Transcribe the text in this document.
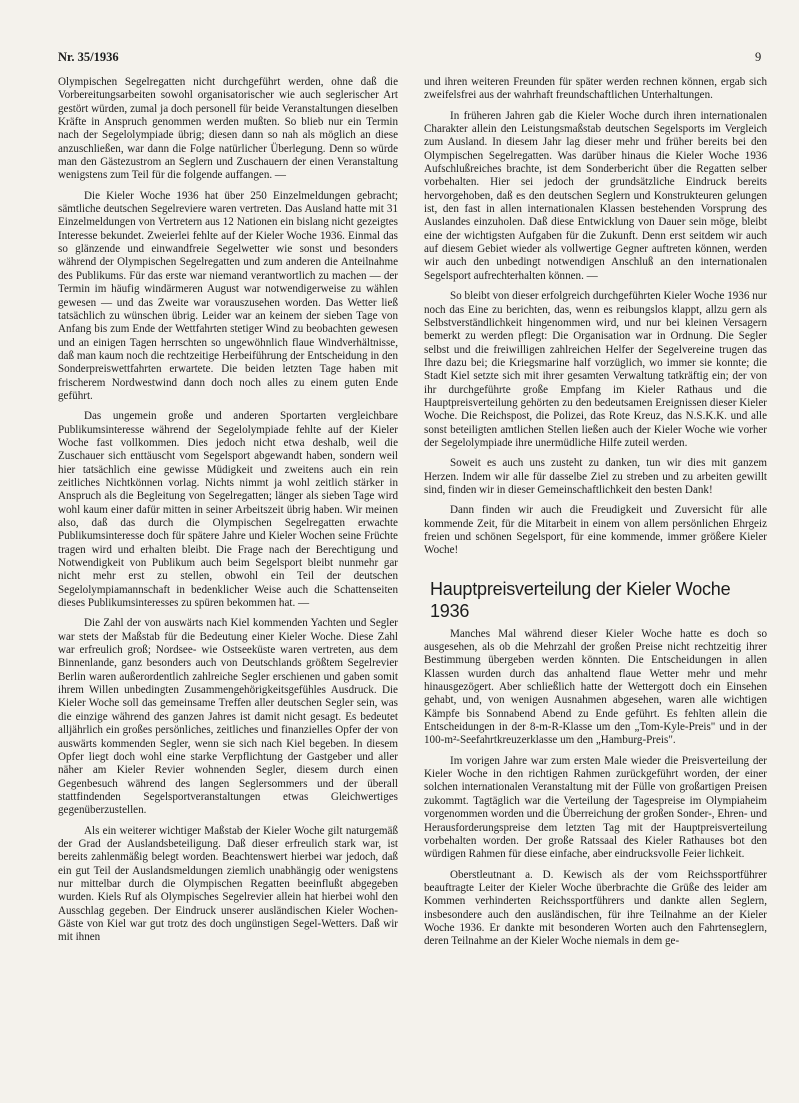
Nr. 35/1936	9

Olympischen Segelregatten nicht durchgeführt werden, ohne daß die Vorbereitungsarbeiten sowohl organisatorischer wie auch seglerischer Art gestört würden, zumal ja doch personell für beide Veranstaltungen dieselben Kräfte in Anspruch genommen werden mußten. So blieb nur ein Termin nach der Segelolympiade übrig; diesen dann so nah als möglich an diese anzuschließen, war dann die Folge natürlicher Überlegung. Denn so würde man den Gästezustrom an Seglern und Zuschauern der einen Veranstaltung wenigstens zum Teil für die folgende auffangen. —

Die Kieler Woche 1936 hat über 250 Einzelmeldungen gebracht; sämtliche deutschen Segelreviere waren vertreten. Das Ausland hatte mit 31 Einzelmeldungen von Vertretern aus 12 Nationen ein bislang nicht gezeigtes Interesse bekundet. Zweierlei fehlte auf der Kieler Woche 1936. Einmal das so glänzende und einwandfreie Segelwetter wie sonst und besonders während der Olympischen Segelregatten und zum anderen die Anteilnahme des Publikums. Für das erste war niemand verantwortlich zu machen — der Termin im häufig windärmeren August war notwendigerweise zu wählen gewesen — und das Zweite war vorauszusehen worden. Das Wetter ließ tatsächlich zu wünschen übrig. Leider war an keinem der sieben Tage von Anfang bis zum Ende der Wettfahrten stetiger Wind zu beobachten gewesen und an einigen Tagen herrschten so ungewöhnlich flaue Windverhältnisse, daß man kaum noch die rechtzeitige Herbeiführung der Entscheidung in den Sonderpreiswettfahrten erwartete. Die beiden letzten Tage haben mit frischerem Nordwestwind dann doch noch alles zu einem guten Ende geführt.

Das ungemein große und anderen Sportarten vergleichbare Publikumsinteresse während der Segelolympiade fehlte auf der Kieler Woche fast vollkommen. Dies jedoch nicht etwa deshalb, weil die Zuschauer sich enttäuscht vom Segelsport abgewandt haben, sondern weil hier tatsächlich eine gewisse Müdigkeit und zweitens auch ein rein zeitliches Nichtkönnen vorlag. Nichts nimmt ja wohl zeitlich stärker in Anspruch als die Begleitung von Segelregatten; länger als sieben Tage wird wohl kaum einer dafür mitten in seiner Arbeitszeit übrig haben. Wir meinen also, daß das durch die Olympischen Segelregatten erwachte Publikumsinteresse doch für spätere Jahre und Kieler Wochen seine Früchte tragen wird und erhalten bleibt. Die Frage nach der Berechtigung und Notwendigkeit von Publikum auch beim Segelsport bleibt nunmehr gar nicht mehr erst zu stellen, obwohl ein Teil der deutschen Segelolympiamannschaft in bedenklicher Weise auch die Schattenseiten dieses Publikumsinteresses zu spüren bekommen hat. —

Die Zahl der von auswärts nach Kiel kommenden Yachten und Segler war stets der Maßstab für die Bedeutung einer Kieler Woche. Diese Zahl war erfreulich groß; Nordsee- wie Ostseeküste waren vertreten, aus dem Binnenlande, ganz besonders auch von Deutschlands größtem Segelrevier Berlin waren außerordentlich zahlreiche Segler erschienen und gaben somit ihrem Willen unbedingten Zusammengehörigkeitsgefühles Ausdruck. Die Kieler Woche soll das gemeinsame Treffen aller deutschen Segler sein, was die einzige während des ganzen Jahres ist damit nicht gesagt. Es bedeutet alljährlich ein großes persönliches, zeitliches und finanzielles Opfer der von auswärts kommenden Segler, wenn sie sich nach Kiel begeben. In diesem Opfer liegt doch wohl eine starke Verpflichtung der Gastgeber und aller näher am Kieler Revier wohnenden Segler, diesem durch einen Gegenbesuch während des langen Seglersommers und der überall stattfindenden Segelsportveranstaltungen etwas Gleichwertiges gegenüberzustellen.

Als ein weiterer wichtiger Maßstab der Kieler Woche gilt naturgemäß der Grad der Auslandsbeteiligung. Daß dieser erfreulich stark war, ist bereits zahlenmäßig belegt worden. Beachtenswert hierbei war jedoch, daß ein gut Teil der Auslandsmeldungen ziemlich unabhängig oder wenigstens nur mittelbar durch die Olympischen Regatten beeinflußt abgegeben wurden. Kiels Ruf als Olympisches Segelrevier allein hat hierbei wohl den Ausschlag gegeben. Der Eindruck unserer ausländischen Kieler Wochen-Gäste von Kiel war gut trotz des doch ungünstigen Segel-Wetters. Daß wir mit ihnen

und ihren weiteren Freunden für später werden rechnen können, ergab sich zweifelsfrei aus der wahrhaft freundschaftlichen Unterhaltungen.

In früheren Jahren gab die Kieler Woche durch ihren internationalen Charakter allein den Leistungsmaßstab deutschen Segelsports im Vergleich zum Ausland. In diesem Jahr lag dieser mehr und früher bereits bei den Olympischen Segelregatten. Was darüber hinaus die Kieler Woche 1936 Aufschlußreiches brachte, ist dem Sonderbericht über die Regatten selber vorbehalten. Hier sei jedoch der grundsätzliche Eindruck bereits hervorgehoben, daß es den deutschen Seglern und Konstrukteuren gelungen ist, den fast in allen internationalen Klassen bestehenden Vorsprung des Auslandes einzuholen. Daß diese Entwicklung von Dauer sein möge, bleibt eine der wichtigsten Aufgaben für die Zukunft. Denn erst seitdem wir auch auf diesem Gebiet wieder als vollwertige Gegner auftreten können, werden wir auch den unbedingt notwendigen Anschluß an den internationalen Segelsport aufrechterhalten können. —

So bleibt von dieser erfolgreich durchgeführten Kieler Woche 1936 nur noch das Eine zu berichten, das, wenn es reibungslos klappt, allzu gern als Selbstverständlichkeit hingenommen wird, und nur bei kleinen Versagern bemerkt zu werden pflegt: Die Organisation war in Ordnung. Die Segler selbst und die freiwilligen zahlreichen Helfer der Segelvereine trugen das Ihre dazu bei; die Kriegsmarine half vorzüglich, wo immer sie konnte; die Stadt Kiel setzte sich mit ihrer gesamten Verwaltung tatkräftig ein; der von ihr durchgeführte große Empfang im Kieler Rathaus und die Hauptpreisverteilung gehörten zu den bedeutsamen Ereignissen dieser Kieler Woche. Die Reichspost, die Polizei, das Rote Kreuz, das N.S.K.K. und alle sonst beteiligten amtlichen Stellen ließen auch der Kieler Woche wie vorher der Segelolympiade ihre unermüdliche Hilfe zuteil werden.

Soweit es auch uns zusteht zu danken, tun wir dies mit ganzem Herzen. Indem wir alle für dasselbe Ziel zu streben und zu arbeiten gewillt sind, finden wir in dieser Gemeinschaftlichkeit den besten Dank!

Dann finden wir auch die Freudigkeit und Zuversicht für alle kommende Zeit, für die Mitarbeit in einem von allem persönlichen Ehrgeiz freien und schönen Segelsport, für eine kommende, immer größere Kieler Woche!

Hauptpreisverteilung der Kieler Woche 1936

Manches Mal während dieser Kieler Woche hatte es doch so ausgesehen, als ob die Mehrzahl der großen Preise nicht rechtzeitig ihrer Bestimmung übergeben werden könnten. Die Entscheidungen in allen Klassen wurden durch das anhaltend flaue Wetter mehr und mehr hinausgezögert. Aber schließlich hatte der Wettergott doch ein Einsehen gehabt, und, von wenigen Ausnahmen abgesehen, waren alle wichtigen Kämpfe bis Sonnabend Abend zu Ende geführt. Es fehlten allein die Entscheidungen in der 8-m-R-Klasse um den „Tom-Kyle-Preis" und in der 100-m²-Seefahrtkreuzerklasse um den „Hamburg-Preis".

Im vorigen Jahre war zum ersten Male wieder die Preisverteilung der Kieler Woche in den richtigen Rahmen zurückgeführt worden, der einer solchen internationalen Veranstaltung mit der Fülle von großartigen Preisen zukommt. Tagtäglich war die Verteilung der Tagespreise im Olympiaheim vorgenommen worden und die Überreichung der großen Sonder-, Ehren- und Herausforderungspreise dem letzten Tag mit der Hauptpreisverteilung vorbehalten worden. Der große Ratssaal des Kieler Rathauses bot den würdigen Rahmen für diese einfache, aber eindrucksvolle Feier lichkeit.

Oberstleutnant a. D. Kewisch als der vom Reichssportführer beauftragte Leiter der Kieler Woche überbrachte die Grüße des leider am Kommen verhinderten Reichssportführers und dankte allen Seglern, insbesondere auch den ausländischen, für ihre Teilnahme an der Kieler Woche 1936. Er dankte mit besonderen Worten auch den Fahrtenseglern, deren Teilnahme an der Kieler Woche niemals in dem ge-
